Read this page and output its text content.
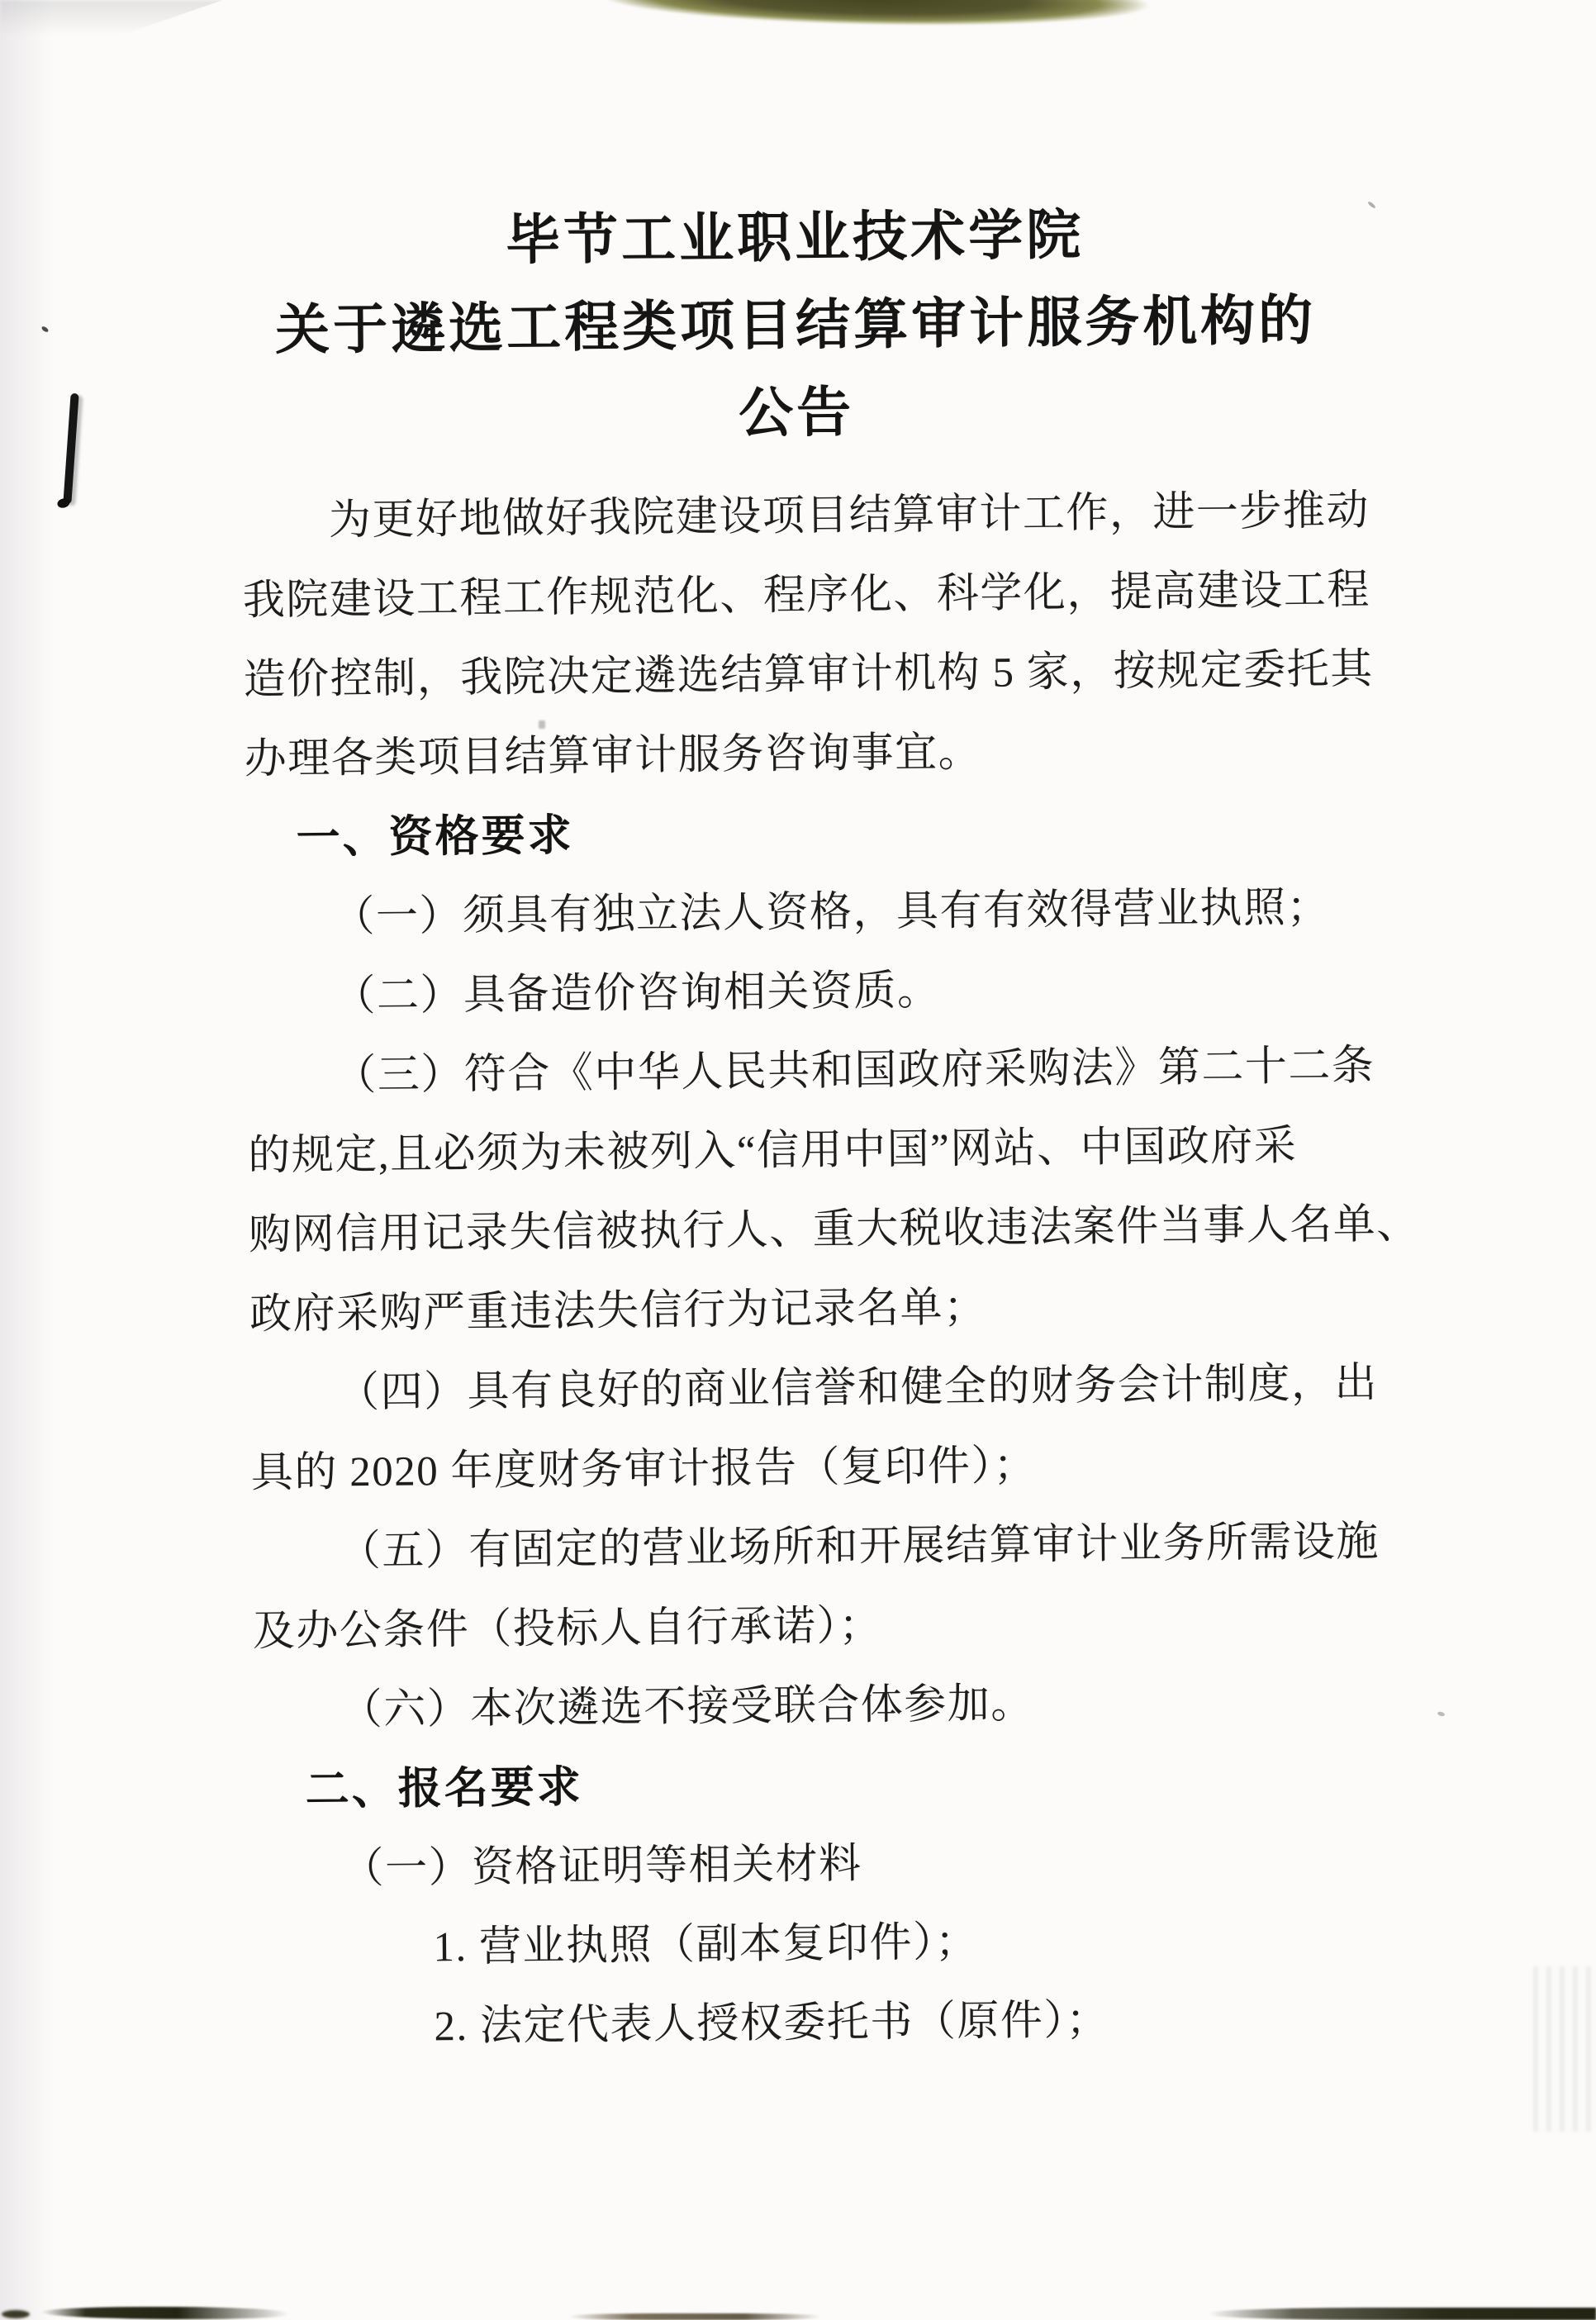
毕节工业职业技术学院
关于遴选工程类项目结算审计服务机构的
公告
为更好地做好我院建设项目结算审计工作，进一步推动
我院建设工程工作规范化、程序化、科学化，提高建设工程
造价控制，我院决定遴选结算审计机构 5 家，按规定委托其
办理各类项目结算审计服务咨询事宜。
一、资格要求
（一）须具有独立法人资格，具有有效得营业执照；
（二）具备造价咨询相关资质。
（三）符合《中华人民共和国政府采购法》第二十二条
的规定,且必须为未被列入“信用中国”网站、中国政府采
购网信用记录失信被执行人、重大税收违法案件当事人名单、
政府采购严重违法失信行为记录名单；
（四）具有良好的商业信誉和健全的财务会计制度，出
具的 2020 年度财务审计报告（复印件）；
（五）有固定的营业场所和开展结算审计业务所需设施
及办公条件（投标人自行承诺）；
（六）本次遴选不接受联合体参加。
二、报名要求
（一）资格证明等相关材料
1. 营业执照（副本复印件）；
2. 法定代表人授权委托书（原件）；
